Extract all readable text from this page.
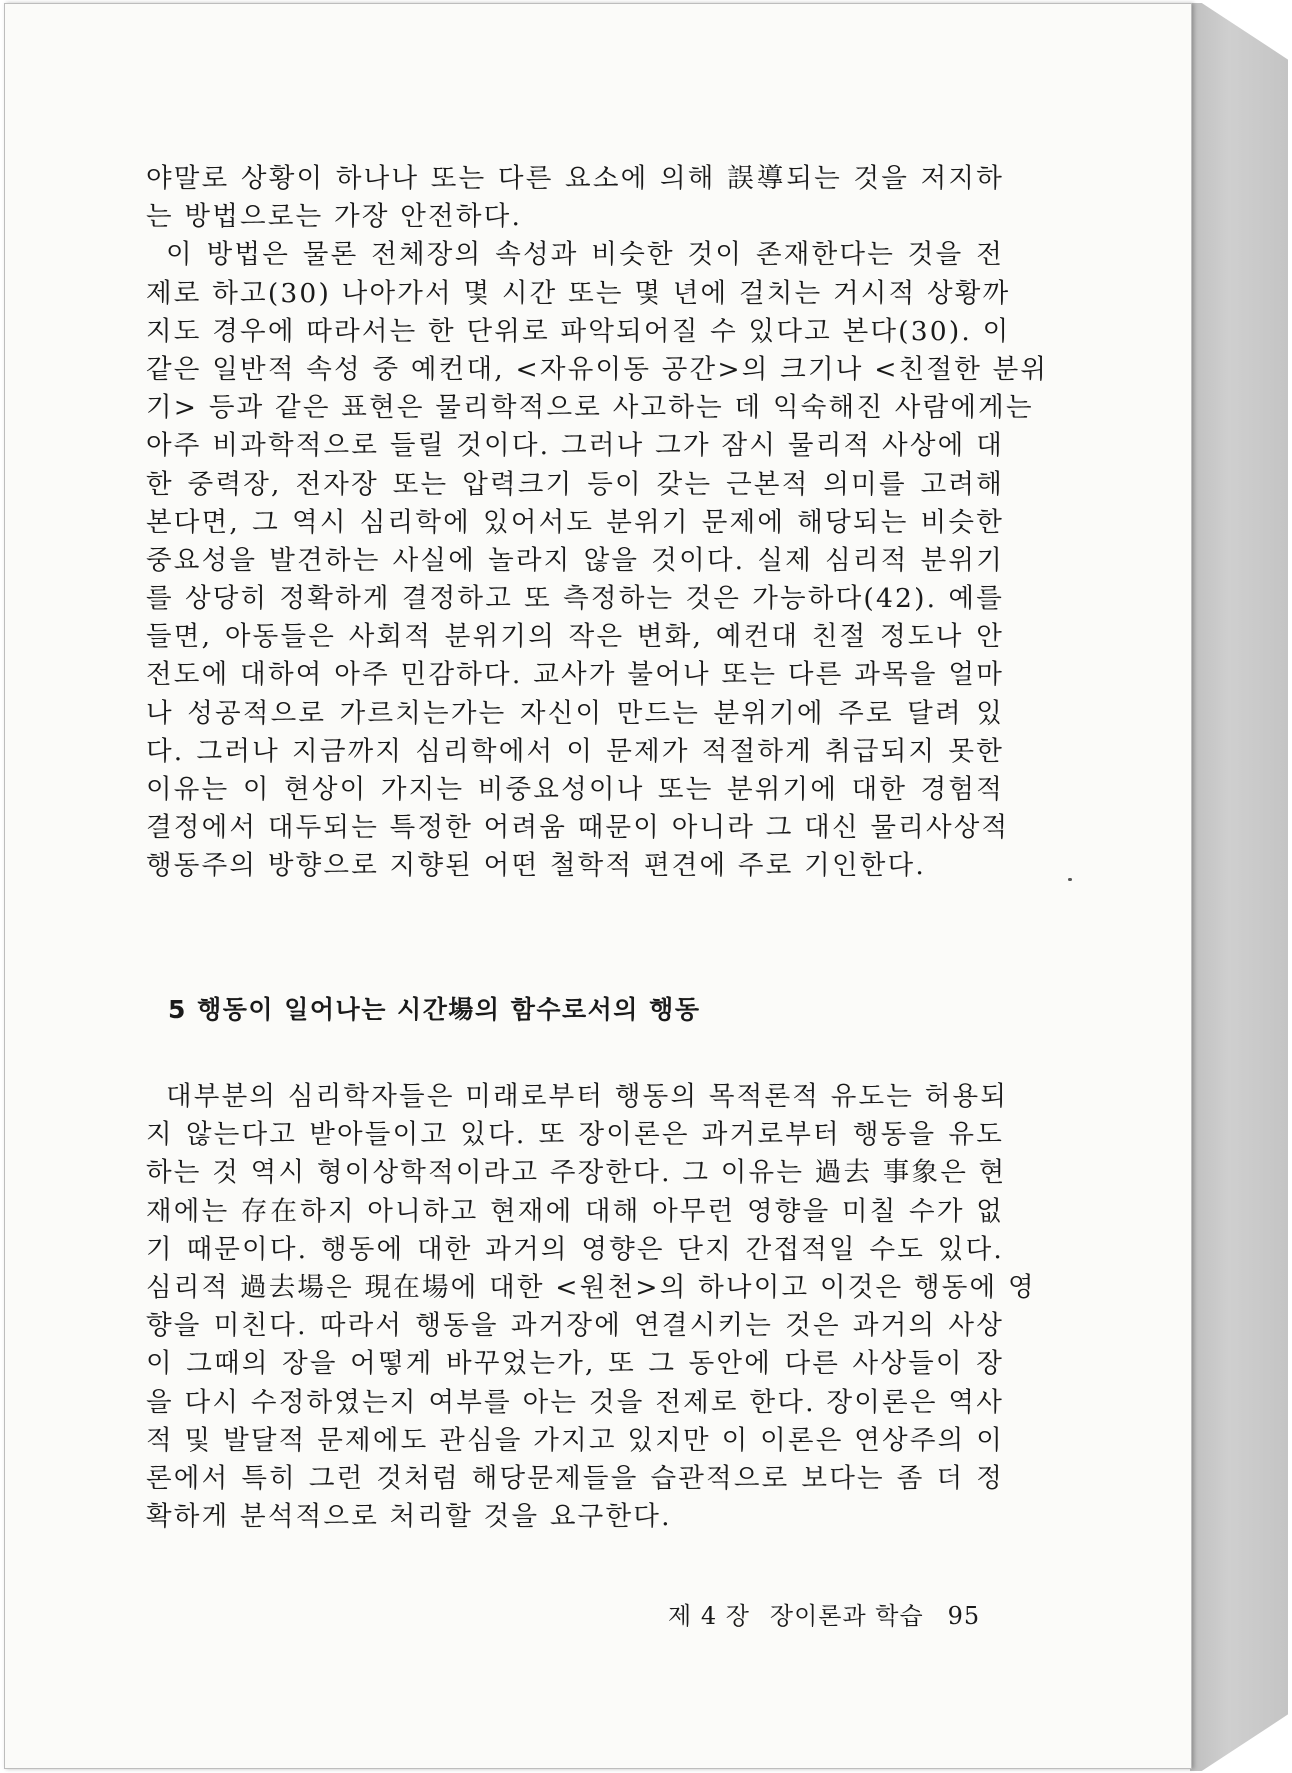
야말로 상황이 하나나 또는 다른 요소에 의해 誤導되는 것을 저지하
는 방법으로는 가장 안전하다.
이 방법은 물론 전체장의 속성과 비슷한 것이 존재한다는 것을 전
제로 하고(30) 나아가서 몇 시간 또는 몇 년에 걸치는 거시적 상황까
지도 경우에 따라서는 한 단위로 파악되어질 수 있다고 본다(30). 이
같은 일반적 속성 중 예컨대, <자유이동 공간>의 크기나 <친절한 분위
기> 등과 같은 표현은 물리학적으로 사고하는 데 익숙해진 사람에게는
아주 비과학적으로 들릴 것이다. 그러나 그가 잠시 물리적 사상에 대
한 중력장, 전자장 또는 압력크기 등이 갖는 근본적 의미를 고려해
본다면, 그 역시 심리학에 있어서도 분위기 문제에 해당되는 비슷한
중요성을 발견하는 사실에 놀라지 않을 것이다. 실제 심리적 분위기
를 상당히 정확하게 결정하고 또 측정하는 것은 가능하다(42). 예를
들면, 아동들은 사회적 분위기의 작은 변화, 예컨대 친절 정도나 안
전도에 대하여 아주 민감하다. 교사가 불어나 또는 다른 과목을 얼마
나 성공적으로 가르치는가는 자신이 만드는 분위기에 주로 달려 있
다. 그러나 지금까지 심리학에서 이 문제가 적절하게 취급되지 못한
이유는 이 현상이 가지는 비중요성이나 또는 분위기에 대한 경험적
결정에서 대두되는 특정한 어려움 때문이 아니라 그 대신 물리사상적
행동주의 방향으로 지향된 어떤 철학적 편견에 주로 기인한다.
5 행동이 일어나는 시간場의 함수로서의 행동
대부분의 심리학자들은 미래로부터 행동의 목적론적 유도는 허용되
지 않는다고 받아들이고 있다. 또 장이론은 과거로부터 행동을 유도
하는 것 역시 형이상학적이라고 주장한다. 그 이유는 過去 事象은 현
재에는 存在하지 아니하고 현재에 대해 아무런 영향을 미칠 수가 없
기 때문이다. 행동에 대한 과거의 영향은 단지 간접적일 수도 있다.
심리적 過去場은 現在場에 대한 <원천>의 하나이고 이것은 행동에 영
향을 미친다. 따라서 행동을 과거장에 연결시키는 것은 과거의 사상
이 그때의 장을 어떻게 바꾸었는가, 또 그 동안에 다른 사상들이 장
을 다시 수정하였는지 여부를 아는 것을 전제로 한다. 장이론은 역사
적 및 발달적 문제에도 관심을 가지고 있지만 이 이론은 연상주의 이
론에서 특히 그런 것처럼 해당문제들을 습관적으로 보다는 좀 더 정
확하게 분석적으로 처리할 것을 요구한다.
제 4 장 장이론과 학습 95
